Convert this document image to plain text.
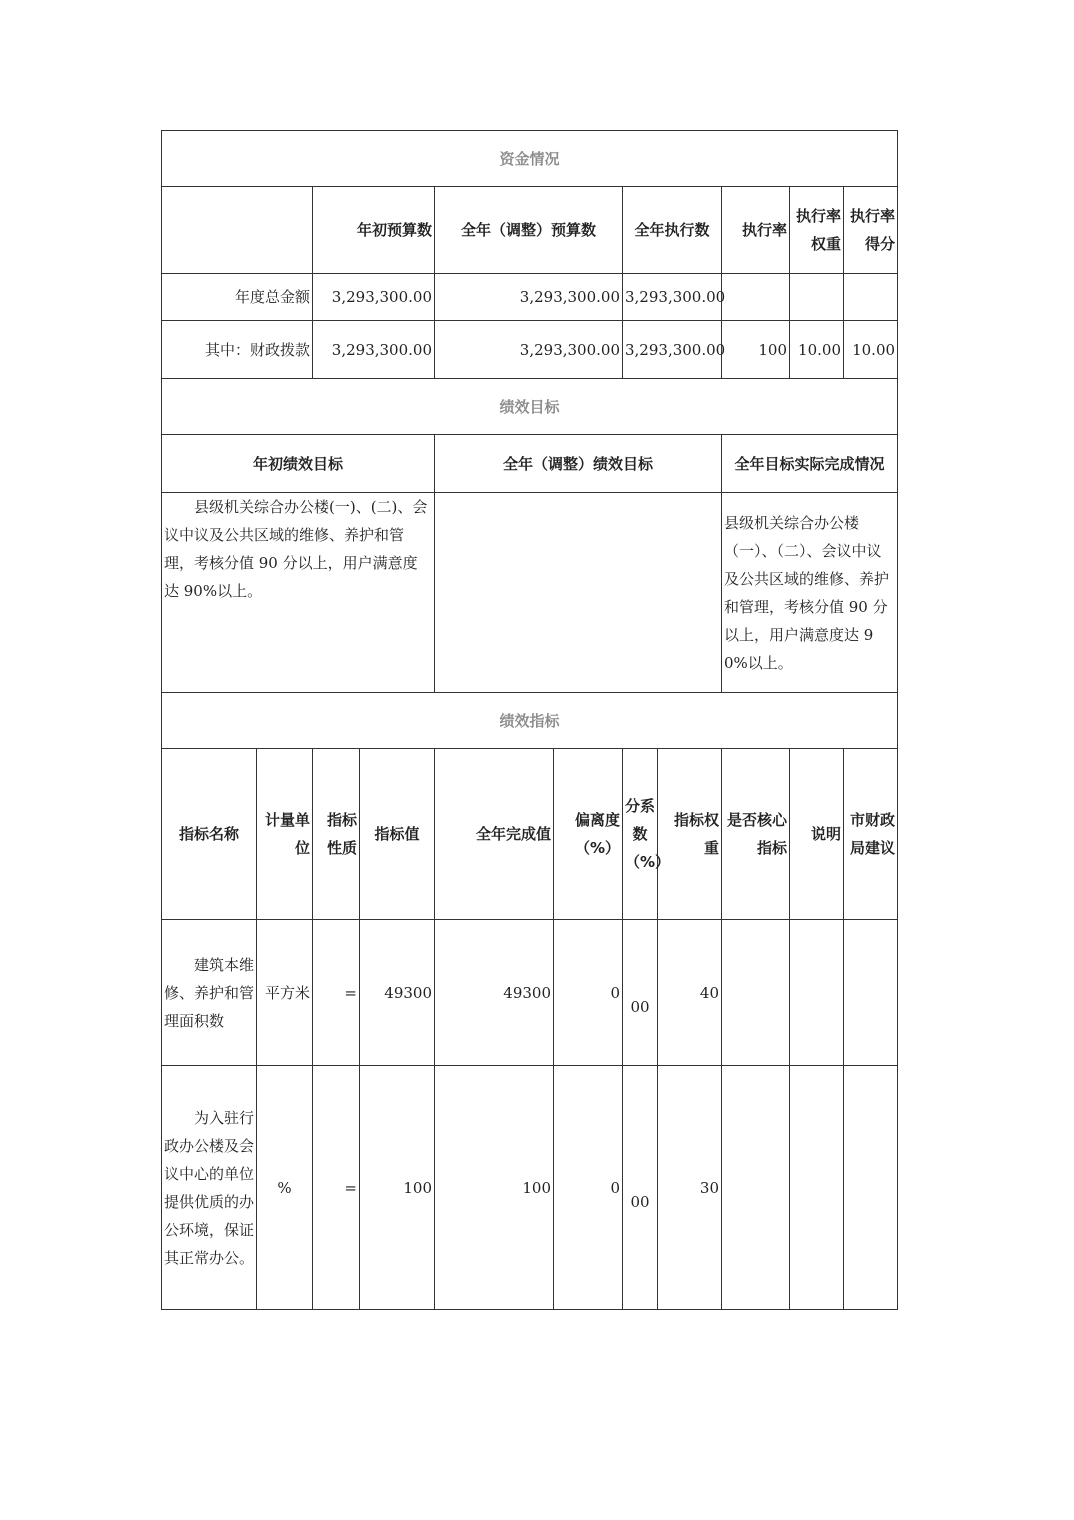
资金情况										
		年初预算数		全年（调整）预算数		全年执行数		执行率	执行率权重	执行率得分
年度总金额		3,293,300.00		3,293,300.00		3,293,300.00				
其中：财政拨款		3,293,300.00		3,293,300.00		3,293,300.00		100	10.00	10.00
绩效目标										
年初绩效目标				全年（调整）绩效目标				全年目标实际完成情况		
县级机关综合办公楼(一)、(二)、会议中议及公共区域的维修、养护和管理，考核分值 90 分以上，用户满意度达 90%以上。								县级机关综合办公楼（一）、（二）、会议中议及公共区域的维修、养护和管理，考核分值 90 分以上，用户满意度达 90%以上。		
绩效指标										
指标名称	计量单位	指标性质	指标值	全年完成值	偏离度（%）	分系数（%）	指标权重	是否核心指标	说明	市财政局建议
建筑本维修、养护和管理面积数	平方米	=	49300	49300	0	00	40			
为入驻行政办公楼及会议中心的单位提供优质的办公环境，保证其正常办公。	%	=	100	100	0	00	30			
